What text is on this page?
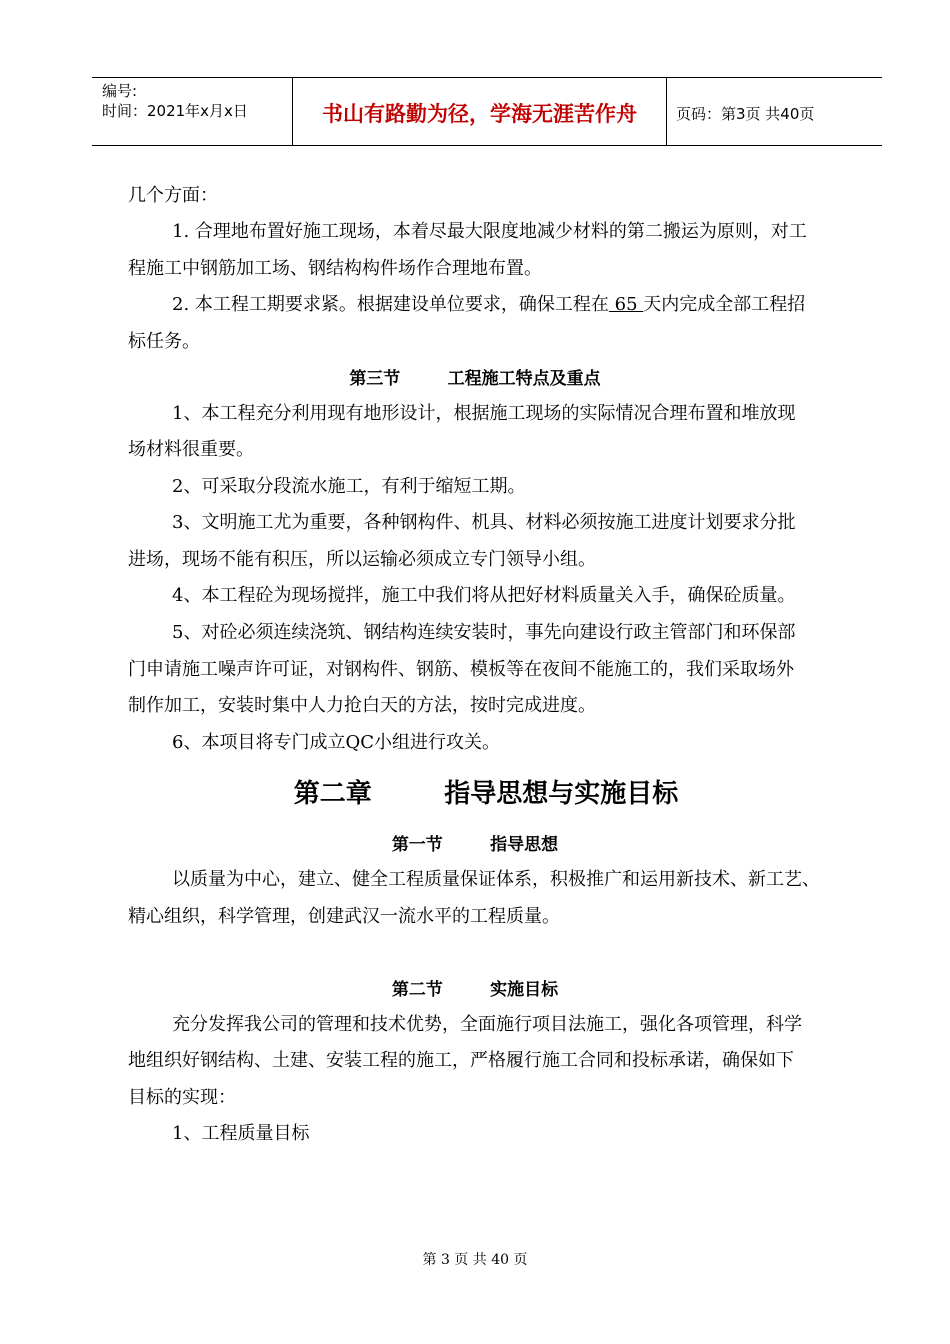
编号:
时间：2021年x月x日	书山有路勤为径，学海无涯苦作舟	页码：第3页 共40页
几个方面：
1. 合理地布置好施工现场，本着尽最大限度地减少材料的第二搬运为原则，对工
程施工中钢筋加工场、钢结构构件场作合理地布置。
2. 本工程工期要求紧。根据建设单位要求，确保工程在 65 天内完成全部工程招
标任务。
第三节        工程施工特点及重点
1、本工程充分利用现有地形设计，根据施工现场的实际情况合理布置和堆放现
场材料很重要。
2、可采取分段流水施工，有利于缩短工期。
3、文明施工尤为重要，各种钢构件、机具、材料必须按施工进度计划要求分批
进场，现场不能有积压，所以运输必须成立专门领导小组。
4、本工程砼为现场搅拌，施工中我们将从把好材料质量关入手，确保砼质量。
5、对砼必须连续浇筑、钢结构连续安装时，事先向建设行政主管部门和环保部
门申请施工噪声许可证，对钢构件、钢筋、模板等在夜间不能施工的，我们采取场外
制作加工，安装时集中人力抢白天的方法，按时完成进度。
6、本项目将专门成立QC小组进行攻关。
第二章        指导思想与实施目标
第一节        指导思想
以质量为中心，建立、健全工程质量保证体系，积极推广和运用新技术、新工艺、
精心组织，科学管理，创建武汉一流水平的工程质量。
第二节        实施目标
充分发挥我公司的管理和技术优势，全面施行项目法施工，强化各项管理，科学
地组织好钢结构、土建、安装工程的施工，严格履行施工合同和投标承诺，确保如下
目标的实现：
1、工程质量目标
第 3 页 共 40 页
